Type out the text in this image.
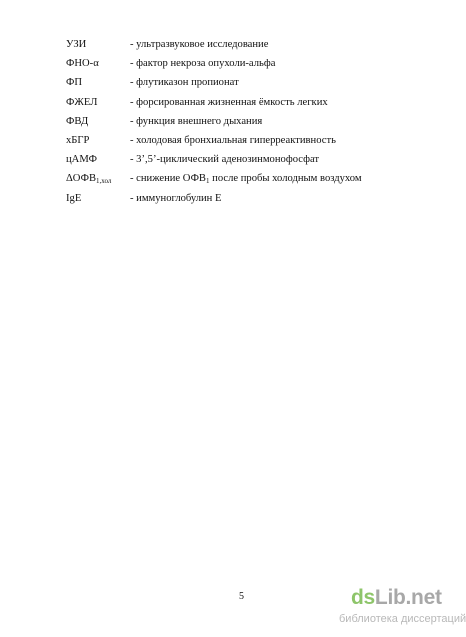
УЗИ	- ультразвуковое исследование
ФНО-α	- фактор некроза опухоли-альфа
ФП	- флутиказон пропионат
ФЖЕЛ	- форсированная жизненная ёмкость легких
ФВД	- функция внешнего дыхания
хБГР	- холодовая бронхиальная гиперреактивность
цАМФ	- 3’,5’-циклический аденозинмонофосфат
$\Delta ОФВ_{1,хол}$ - снижение $ОФВ_1$ после пробы холодным воздухом
IgE	- иммуноглобулин Е
5	dsLib.net
библиотека диссертаций
